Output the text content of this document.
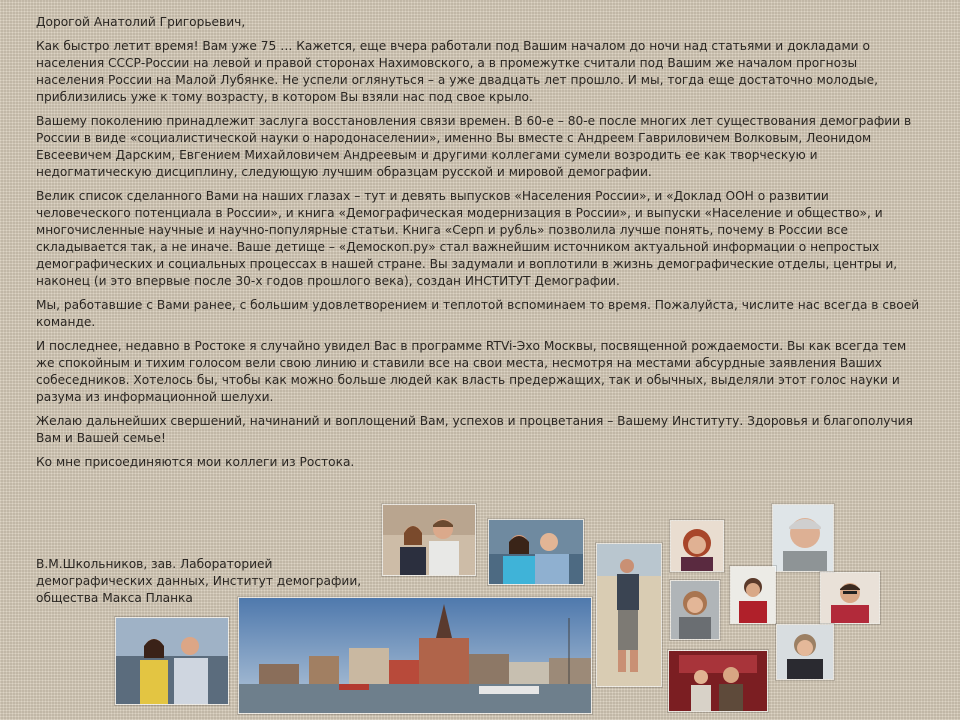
Дорогой Анатолий Григорьевич,

Как быстро летит время! Вам уже 75 … Кажется, еще вчера работали под Вашим началом до ночи над статьями и докладами о населения СССР-России на левой и правой сторонах Нахимовского, а в промежутке считали под Вашим же началом прогнозы населения России на Малой Лубянке. Не успели оглянуться – а уже двадцать лет прошло. И мы, тогда еще достаточно молодые, приблизились уже к тому возрасту, в котором Вы взяли нас под свое крыло.

Вашему поколению принадлежит заслуга восстановления связи времен. В 60-е – 80-е после многих лет существования демографии в России в виде «социалистической науки о народонаселении», именно Вы вместе с Андреем Гавриловичем Волковым, Леонидом Евсеевичем Дарским, Евгением Михайловичем Андреевым и другими коллегами сумели возродить ее как творческую и недогматическую дисциплину, следующую лучшим образцам русской и мировой демографии.

Велик список сделанного Вами на наших глазах – тут и девять выпусков «Населения России», и «Доклад ООН о развитии человеческого потенциала в России», и книга «Демографическая модернизация в России», и выпуски «Население и общество», и многочисленные научные и научно-популярные статьи. Книга «Серп и рубль» позволила лучше понять, почему в России все складывается так, а не иначе. Ваше детище – «Демоскоп.ру» стал важнейшим источником актуальной информации о непростых демографических и социальных процессах в нашей стране. Вы задумали и воплотили в жизнь демографические отделы, центры и, наконец (и это впервые после 30-х годов прошлого века), создан ИНСТИТУТ Демографии.

Мы, работавшие с Вами ранее, с большим удовлетворением и теплотой вспоминаем то время. Пожалуйста, числите нас всегда в своей команде.

И последнее, недавно в Ростоке я случайно увидел Вас в программе RTVi-Эхо Москвы, посвященной рождаемости. Вы как всегда тем же спокойным и тихим голосом вели свою линию и ставили все на свои места, несмотря на местами абсурдные заявления Ваших собеседников. Хотелось бы, чтобы как можно больше людей как власть предержащих, так и обычных, выделяли этот голос науки и разума из информационной шелухи.

Желаю дальнейших свершений, начинаний и воплощений Вам, успехов и процветания – Вашему Институту. Здоровья и благополучия Вам и Вашей семье!

Ко мне присоединяются мои коллеги из Ростока.

В.М.Школьников, зав. Лабораторией

демографических данных, Институт демографии,

общества Макса Планка
